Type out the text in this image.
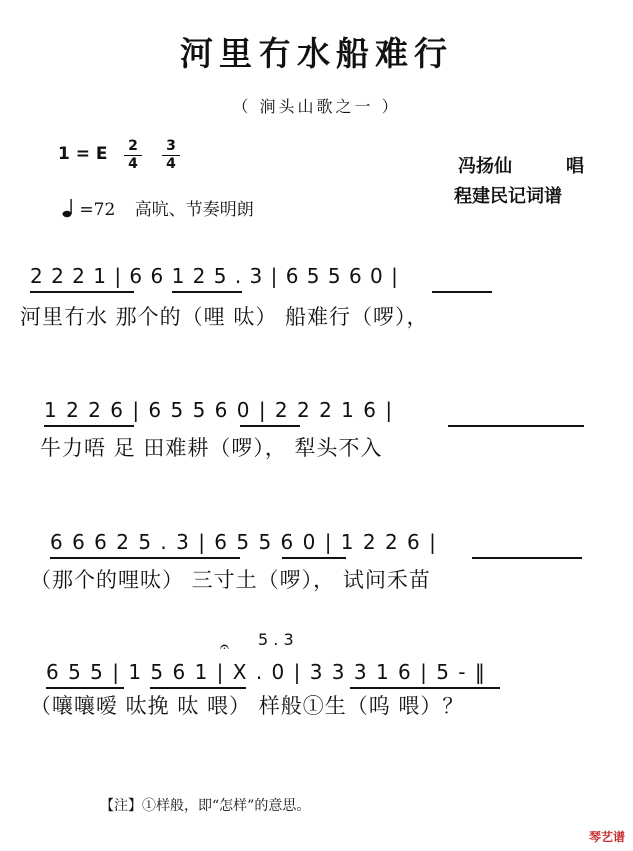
河里冇水船难行
（ 涧头山歌之一 ）
1 = E $\frac{2}{4} \frac{3}{4}$
=72 高吭、节奏明朗
冯扬仙	唱
程建民记词谱
2 2 2 1 | 6 6 1 2 5 . 3 | 6 5 5 6 0 |
河里冇水 那个的（哩 呔） 船难行（啰），
1 2 2 6 | 6 5 5 6 0 | 2 2 2 1 6 |
牛力唔 足 田难耕（啰）， 犁头不入
6 6 6 2 5 . 3 | 6 5 5 6 0 | 1 2 2 6 |
（那个的哩呔） 三寸土（啰）， 试问禾苗
5 . 3
𝄐
6 5 5 | 1 5 6 1 | X . 0 | 3 3 3 1 6 | 5 - ‖
（嚷嚷嗳 呔挽 呔 喂） 样般①生（呜 喂）？
【注】①样般，即“怎样”的意思。
琴艺谱
